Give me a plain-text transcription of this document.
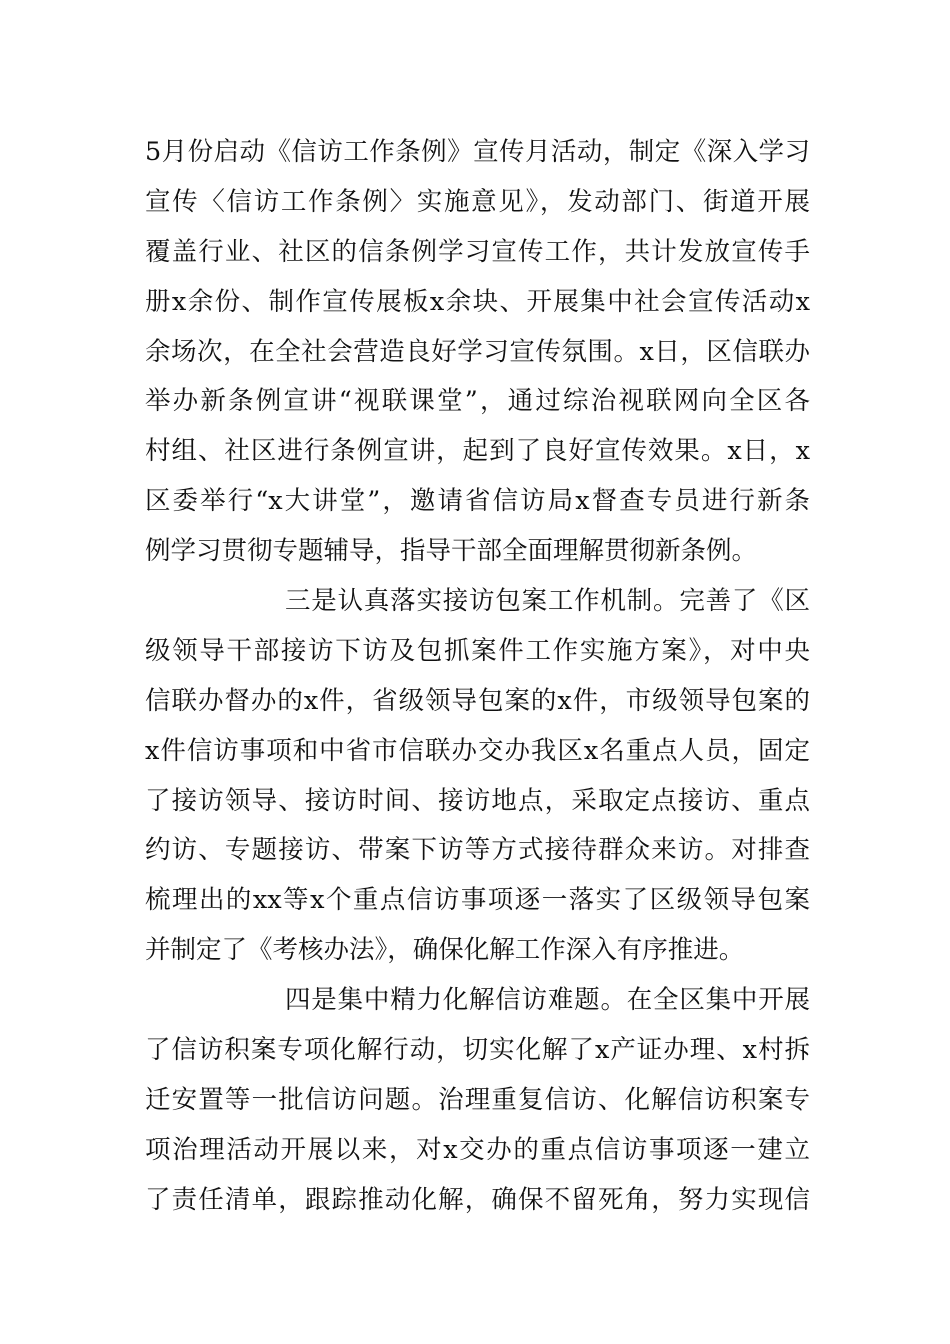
5月份启动《信访工作条例》宣传月活动，制定《深入学习
宣传〈信访工作条例〉实施意见》，发动部门、街道开展
覆盖行业、社区的信条例学习宣传工作，共计发放宣传手
册x余份、制作宣传展板x余块、开展集中社会宣传活动x
余场次，在全社会营造良好学习宣传氛围。x日，区信联办
举办新条例宣讲“视联课堂”，通过综治视联网向全区各
村组、社区进行条例宣讲，起到了良好宣传效果。x日，x
区委举行“x大讲堂”，邀请省信访局x督查专员进行新条
例学习贯彻专题辅导，指导干部全面理解贯彻新条例。
三是认真落实接访包案工作机制。完善了《区
级领导干部接访下访及包抓案件工作实施方案》，对中央
信联办督办的x件，省级领导包案的x件，市级领导包案的
x件信访事项和中省市信联办交办我区x名重点人员，固定
了接访领导、接访时间、接访地点，采取定点接访、重点
约访、专题接访、带案下访等方式接待群众来访。对排查
梳理出的xx等x个重点信访事项逐一落实了区级领导包案
并制定了《考核办法》，确保化解工作深入有序推进。
四是集中精力化解信访难题。在全区集中开展
了信访积案专项化解行动，切实化解了x产证办理、x村拆
迁安置等一批信访问题。治理重复信访、化解信访积案专
项治理活动开展以来，对x交办的重点信访事项逐一建立
了责任清单，跟踪推动化解，确保不留死角，努力实现信
